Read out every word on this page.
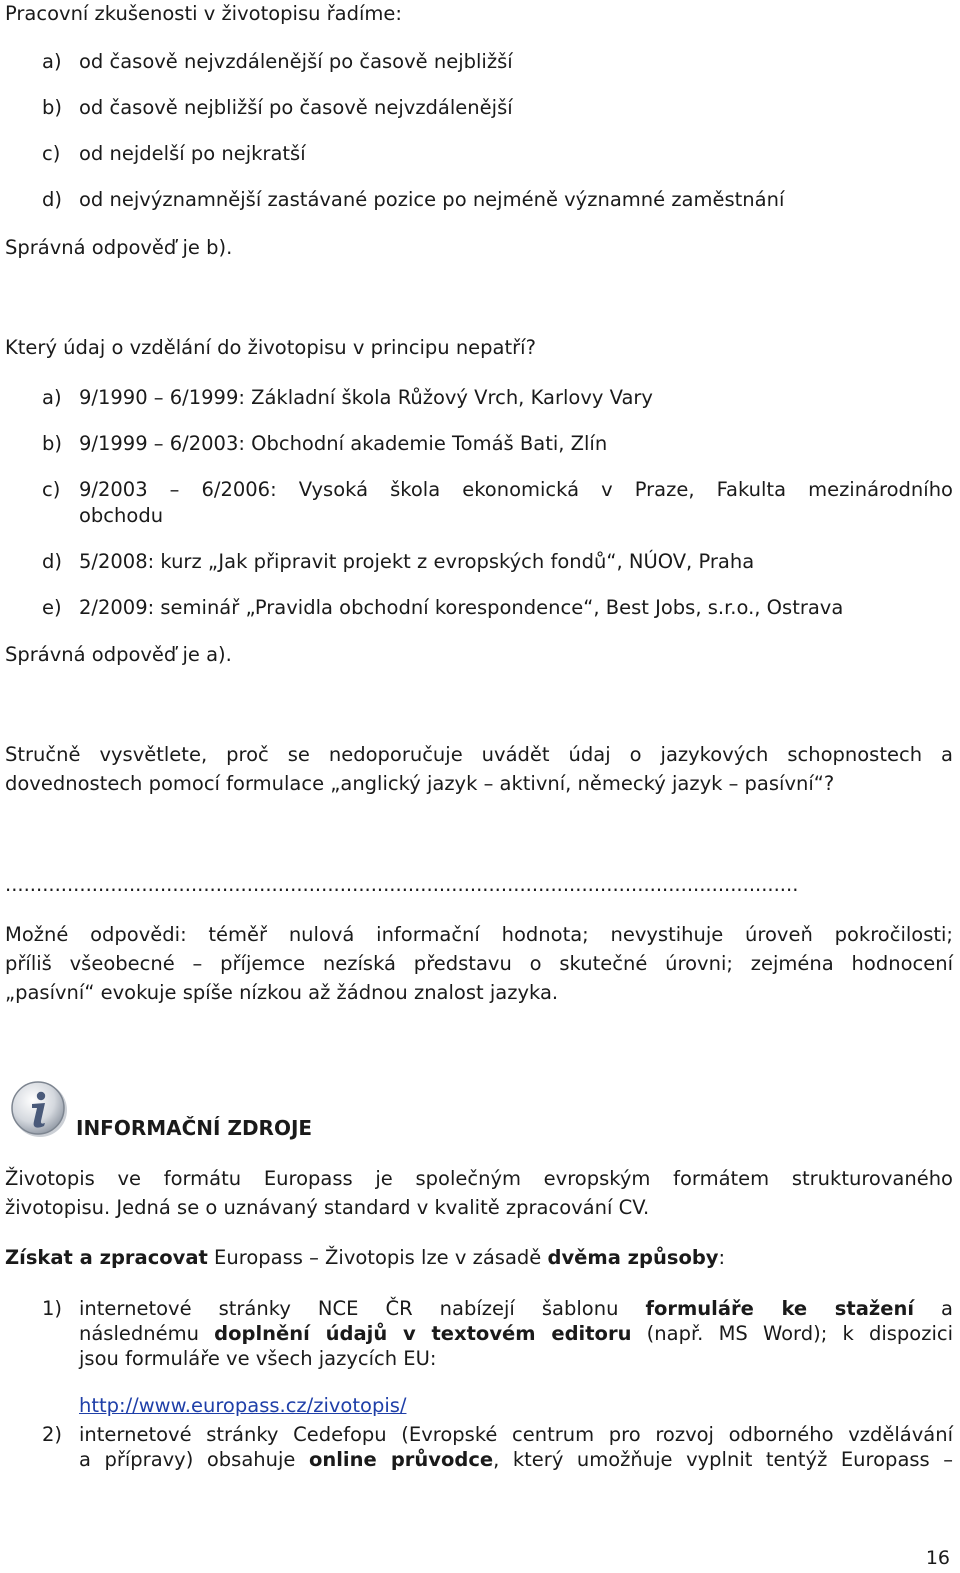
Pracovní zkušenosti v životopisu řadíme:
a) od časově nejvzdálenější po časově nejbližší
b) od časově nejbližší po časově nejvzdálenější
c) od nejdelší po nejkratší
d) od nejvýznamnější zastávané pozice po nejméně významné zaměstnání
Správná odpověď je b).
Který údaj o vzdělání do životopisu v principu nepatří?
a) 9/1990 – 6/1999: Základní škola Růžový Vrch, Karlovy Vary
b) 9/1999 – 6/2003: Obchodní akademie Tomáš Bati, Zlín
c) 9/2003 – 6/2006: Vysoká škola ekonomická v Praze, Fakulta mezinárodního
obchodu
d) 5/2008: kurz „Jak připravit projekt z evropských fondů“, NÚOV, Praha
e) 2/2009: seminář „Pravidla obchodní korespondence“, Best Jobs, s.r.o., Ostrava
Správná odpověď je a).
Stručně vysvětlete, proč se nedoporučuje uvádět údaj o jazykových schopnostech a
dovednostech pomocí formulace „anglický jazyk – aktivní, německý jazyk – pasívní“?
................................................................................................................................
Možné odpovědi: téměř nulová informační hodnota; nevystihuje úroveň pokročilosti;
příliš všeobecné – příjemce nezíská představu o skutečné úrovni; zejména hodnocení
„pasívní“ evokuje spíše nízkou až žádnou znalost jazyka.
INFORMAČNÍ ZDROJE
Životopis ve formátu Europass je společným evropským formátem strukturovaného
životopisu. Jedná se o uznávaný standard v kvalitě zpracování CV.
Získat a zpracovat Europass – Životopis lze v zásadě dvěma způsoby:
1) internetové stránky NCE ČR nabízejí šablonu formuláře ke stažení a
následnému doplnění údajů v textovém editoru (např. MS Word); k dispozici
jsou formuláře ve všech jazycích EU:
http://www.europass.cz/zivotopis/
2) internetové stránky Cedefopu (Evropské centrum pro rozvoj odborného vzdělávání
a přípravy) obsahuje online průvodce, který umožňuje vyplnit tentýž Europass –
16
